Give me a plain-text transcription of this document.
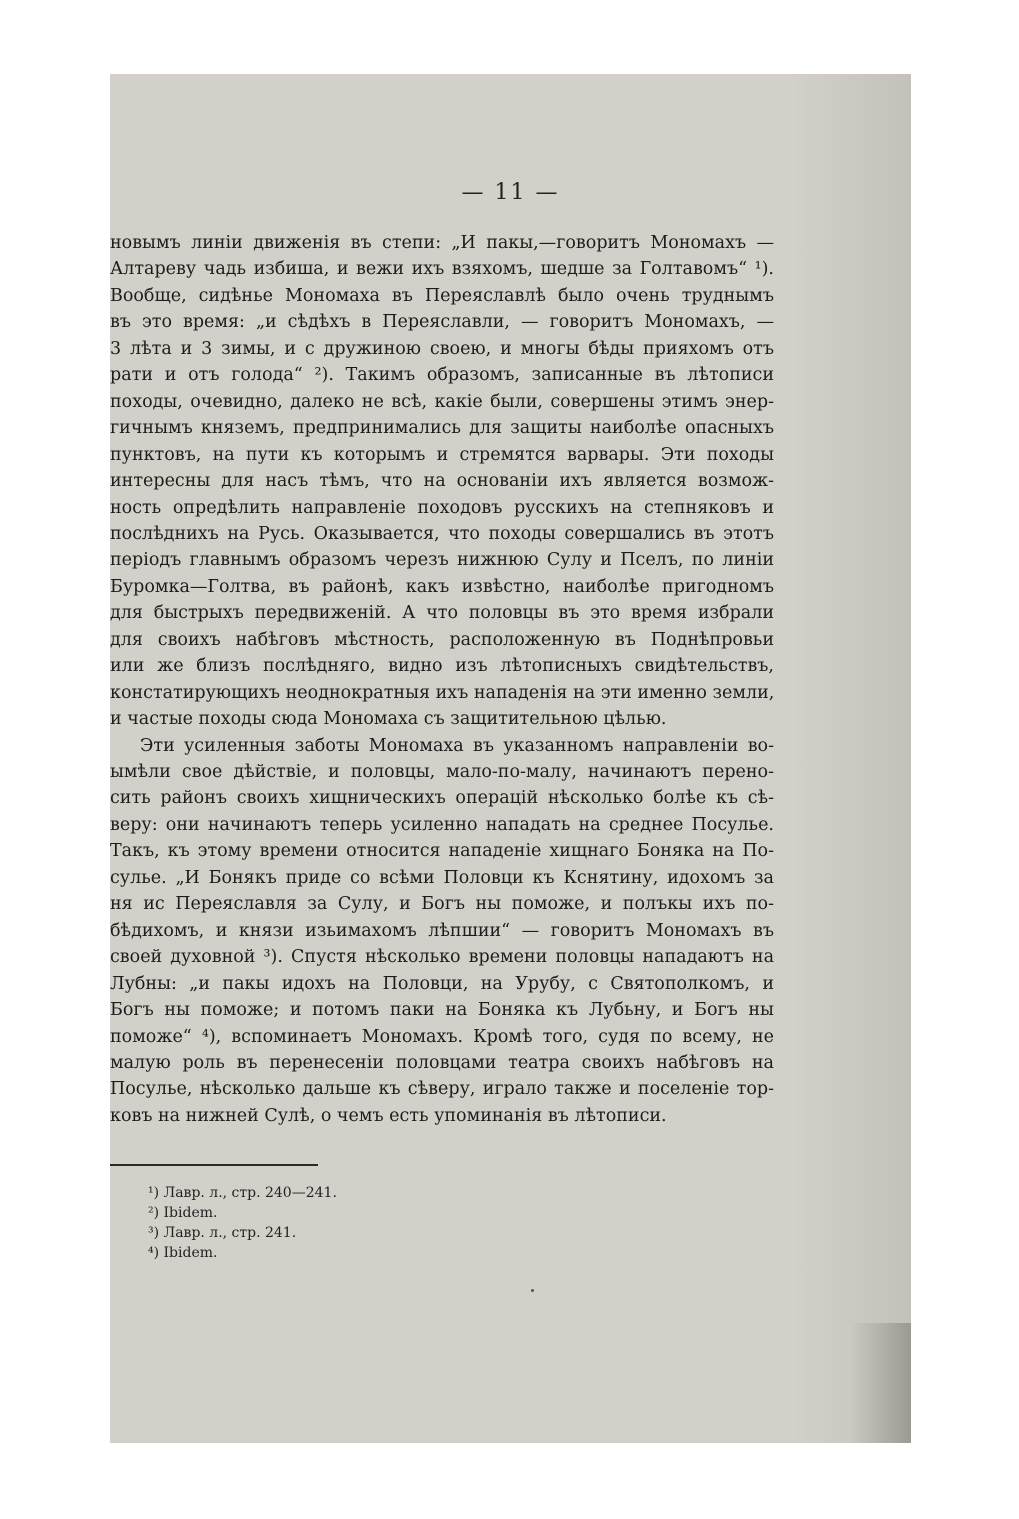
— 11 —
новымъ линіи движенія въ степи: „И пакы,—говоритъ Мономахъ —
Алтареву чадь избиша, и вежи ихъ взяхомъ, шедше за Голтавомъ“ ¹).
Вообще, сидѣнье Мономаха въ Переяславлѣ было очень труднымъ
въ это время: „и сѣдѣхъ в Переяславли, — говоритъ Мономахъ, —
3 лѣта и 3 зимы, и с дружиною своею, и многы бѣды прияхомъ отъ
рати и отъ голода“ ²). Такимъ образомъ, записанные въ лѣтописи
походы, очевидно, далеко не всѣ, какіе были, совершены этимъ энер-
гичнымъ княземъ, предпринимались для защиты наиболѣе опасныхъ
пунктовъ, на пути къ которымъ и стремятся варвары. Эти походы
интересны для насъ тѣмъ, что на основаніи ихъ является возмож-
ность опредѣлить направленіе походовъ русскихъ на степняковъ и
послѣднихъ на Русь. Оказывается, что походы совершались въ этотъ
періодъ главнымъ образомъ черезъ нижнюю Сулу и Пселъ, по линіи
Буромка—Голтва, въ районѣ, какъ извѣстно, наиболѣе пригодномъ
для быстрыхъ передвиженій. А что половцы въ это время избрали
для своихъ набѣговъ мѣстность, расположенную въ Поднѣпровьи
или же близъ послѣдняго, видно изъ лѣтописныхъ свидѣтельствъ,
констатирующихъ неоднократныя ихъ нападенія на эти именно земли,
и частые походы сюда Мономаха съ защитительною цѣлью.
Эти усиленныя заботы Мономаха въ указанномъ направленіи во-
ымѣли свое дѣйствіе, и половцы, мало-по-малу, начинаютъ перено-
сить районъ своихъ хищническихъ операцій нѣсколько болѣе къ сѣ-
веру: они начинаютъ теперь усиленно нападать на среднее Посулье.
Такъ, къ этому времени относится нападеніе хищнаго Боняка на По-
сулье. „И Бонякъ приде со всѣми Половци къ Кснятину, идохомъ за
ня ис Переяславля за Сулу, и Богъ ны поможе, и полъкы ихъ по-
бѣдихомъ, и князи изьимахомъ лѣпшии“ — говоритъ Мономахъ въ
своей духовной ³). Спустя нѣсколько времени половцы нападаютъ на
Лубны: „и пакы идохъ на Половци, на Урубу, с Святополкомъ, и
Богъ ны поможе; и потомъ паки на Боняка къ Лубьну, и Богъ ны
поможе“ ⁴), вспоминаетъ Мономахъ. Кромѣ того, судя по всему, не
малую роль въ перенесеніи половцами театра своихъ набѣговъ на
Посулье, нѣсколько дальше къ сѣверу, играло также и поселеніе тор-
ковъ на нижней Сулѣ, о чемъ есть упоминанія въ лѣтописи.
¹) Лавр. л., стр. 240—241.
²) Ibidem.
³) Лавр. л., стр. 241.
⁴) Ibidem.
